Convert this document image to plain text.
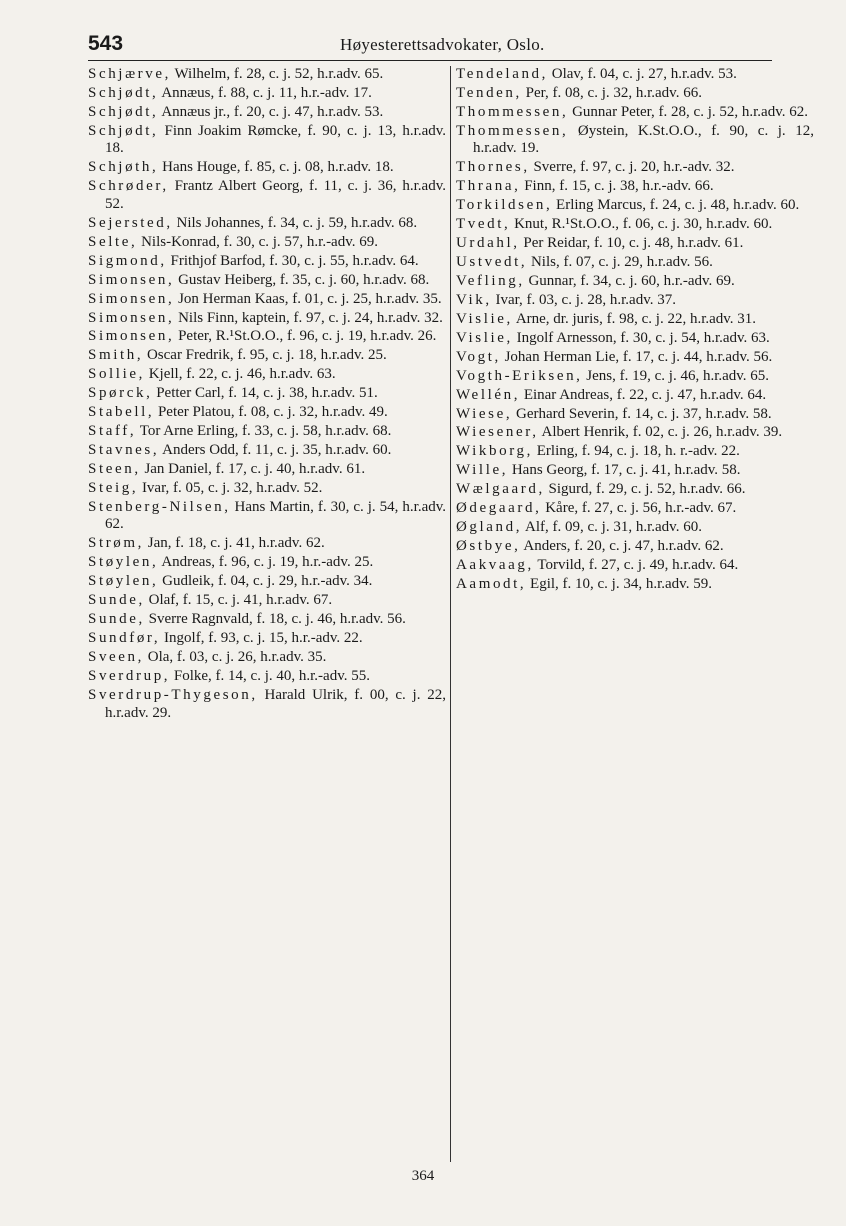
543	Høyesterettsadvokater, Oslo.
Schjærve, Wilhelm, f. 28, c. j. 52, h.r.adv. 65.
Schjødt, Annæus, f. 88, c. j. 11, h.r.-adv. 17.
Schjødt, Annæus jr., f. 20, c. j. 47, h.r.adv. 53.
Schjødt, Finn Joakim Rømcke, f. 90, c. j. 13, h.r.adv. 18.
Schjøth, Hans Houge, f. 85, c. j. 08, h.r.adv. 18.
Schrøder, Frantz Albert Georg, f. 11, c. j. 36, h.r.adv. 52.
Sejersted, Nils Johannes, f. 34, c. j. 59, h.r.adv. 68.
Selte, Nils-Konrad, f. 30, c. j. 57, h.r.-adv. 69.
Sigmond, Frithjof Barfod, f. 30, c. j. 55, h.r.adv. 64.
Simonsen, Gustav Heiberg, f. 35, c. j. 60, h.r.adv. 68.
Simonsen, Jon Herman Kaas, f. 01, c. j. 25, h.r.adv. 35.
Simonsen, Nils Finn, kaptein, f. 97, c. j. 24, h.r.adv. 32.
Simonsen, Peter, R.¹St.O.O., f. 96, c. j. 19, h.r.adv. 26.
Smith, Oscar Fredrik, f. 95, c. j. 18, h.r.adv. 25.
Sollie, Kjell, f. 22, c. j. 46, h.r.adv. 63.
Spørck, Petter Carl, f. 14, c. j. 38, h.r.adv. 51.
Stabell, Peter Platou, f. 08, c. j. 32, h.r.adv. 49.
Staff, Tor Arne Erling, f. 33, c. j. 58, h.r.adv. 68.
Stavnes, Anders Odd, f. 11, c. j. 35, h.r.adv. 60.
Steen, Jan Daniel, f. 17, c. j. 40, h.r.adv. 61.
Steig, Ivar, f. 05, c. j. 32, h.r.adv. 52.
Stenberg-Nilsen, Hans Martin, f. 30, c. j. 54, h.r.adv. 62.
Strøm, Jan, f. 18, c. j. 41, h.r.adv. 62.
Støylen, Andreas, f. 96, c. j. 19, h.r.-adv. 25.
Støylen, Gudleik, f. 04, c. j. 29, h.r.-adv. 34.
Sunde, Olaf, f. 15, c. j. 41, h.r.adv. 67.
Sunde, Sverre Ragnvald, f. 18, c. j. 46, h.r.adv. 56.
Sundfør, Ingolf, f. 93, c. j. 15, h.r.-adv. 22.
Sveen, Ola, f. 03, c. j. 26, h.r.adv. 35.
Sverdrup, Folke, f. 14, c. j. 40, h.r.-adv. 55.
Sverdrup-Thygeson, Harald Ulrik, f. 00, c. j. 22, h.r.adv. 29.
Tendeland, Olav, f. 04, c. j. 27, h.r.adv. 53.
Tenden, Per, f. 08, c. j. 32, h.r.adv. 66.
Thommessen, Gunnar Peter, f. 28, c. j. 52, h.r.adv. 62.
Thommessen, Øystein, K.St.O.O., f. 90, c. j. 12, h.r.adv. 19.
Thornes, Sverre, f. 97, c. j. 20, h.r.-adv. 32.
Thrana, Finn, f. 15, c. j. 38, h.r.-adv. 66.
Torkildsen, Erling Marcus, f. 24, c. j. 48, h.r.adv. 60.
Tvedt, Knut, R.¹St.O.O., f. 06, c. j. 30, h.r.adv. 60.
Urdahl, Per Reidar, f. 10, c. j. 48, h.r.adv. 61.
Ustvedt, Nils, f. 07, c. j. 29, h.r.adv. 56.
Vefling, Gunnar, f. 34, c. j. 60, h.r.-adv. 69.
Vik, Ivar, f. 03, c. j. 28, h.r.adv. 37.
Vislie, Arne, dr. juris, f. 98, c. j. 22, h.r.adv. 31.
Vislie, Ingolf Arnesson, f. 30, c. j. 54, h.r.adv. 63.
Vogt, Johan Herman Lie, f. 17, c. j. 44, h.r.adv. 56.
Vogth-Eriksen, Jens, f. 19, c. j. 46, h.r.adv. 65.
Wellén, Einar Andreas, f. 22, c. j. 47, h.r.adv. 64.
Wiese, Gerhard Severin, f. 14, c. j. 37, h.r.adv. 58.
Wiesener, Albert Henrik, f. 02, c. j. 26, h.r.adv. 39.
Wikborg, Erling, f. 94, c. j. 18, h. r.-adv. 22.
Wille, Hans Georg, f. 17, c. j. 41, h.r.adv. 58.
Wælgaard, Sigurd, f. 29, c. j. 52, h.r.adv. 66.
Ødegaard, Kåre, f. 27, c. j. 56, h.r.-adv. 67.
Øgland, Alf, f. 09, c. j. 31, h.r.adv. 60.
Østbye, Anders, f. 20, c. j. 47, h.r.adv. 62.
Aakvaag, Torvild, f. 27, c. j. 49, h.r.adv. 64.
Aamodt, Egil, f. 10, c. j. 34, h.r.adv. 59.
364
